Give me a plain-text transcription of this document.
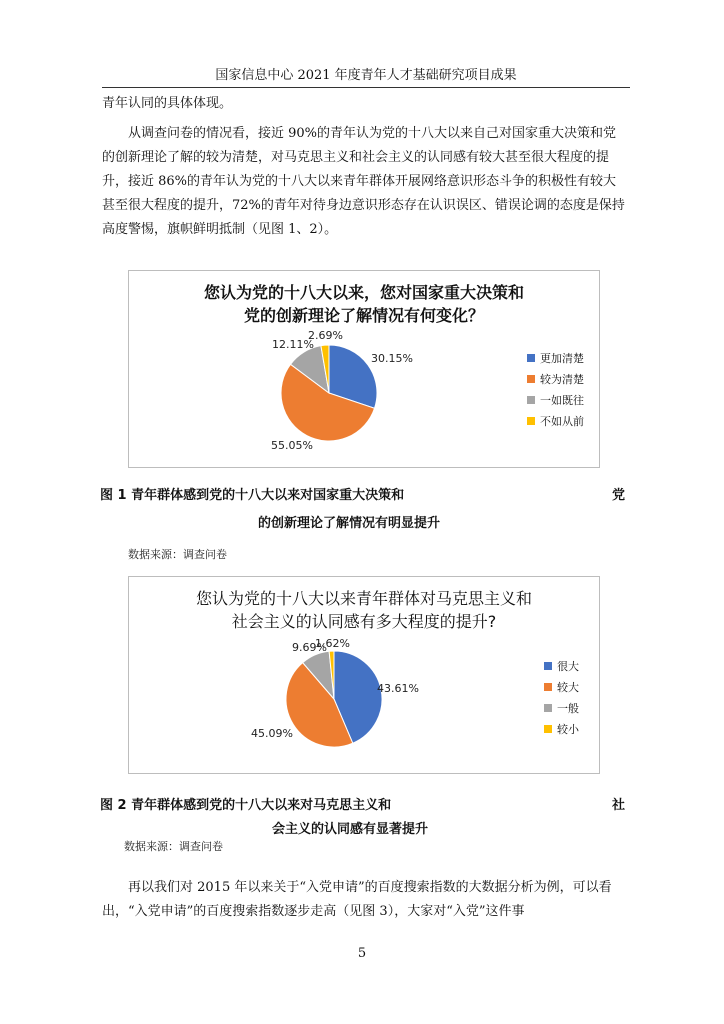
国家信息中心 2021 年度青年人才基础研究项目成果

青年认同的具体体现。

从调查问卷的情况看，接近 90%的青年认为党的十八大以来自己对国家重大决策和党的创新理论了解的较为清楚，对马克思主义和社会主义的认同感有较大甚至很大程度的提升，接近 86%的青年认为党的十八大以来青年群体开展网络意识形态斗争的积极性有较大甚至很大程度的提升，72%的青年对待身边意识形态存在认识误区、错误论调的态度是保持高度警惕，旗帜鲜明抵制（见图 1、2）。

您认为党的十八大以来，您对国家重大决策和

党的创新理论了解情况有何变化？

30.15%
55.05%
12.11%
2.69%
更加清楚
较为清楚
一如既往
不如从前
图 1 青年群体感到党的十八大以来对国家重大决策和	党
的创新理论了解情况有明显提升
数据来源：调查问卷

您认为党的十八大以来青年群体对马克思主义和

社会主义的认同感有多大程度的提升?

43.61%
45.09%
9.69%
1.62%
很大
较大
一般
较小
图 2 青年群体感到党的十八大以来对马克思主义和	社
会主义的认同感有显著提升
数据来源：调查问卷

再以我们对 2015 年以来关于“入党申请”的百度搜索指数的大数据分析为例，可以看出，“入党申请”的百度搜索指数逐步走高（见图 3），大家对“入党”这件事

5
